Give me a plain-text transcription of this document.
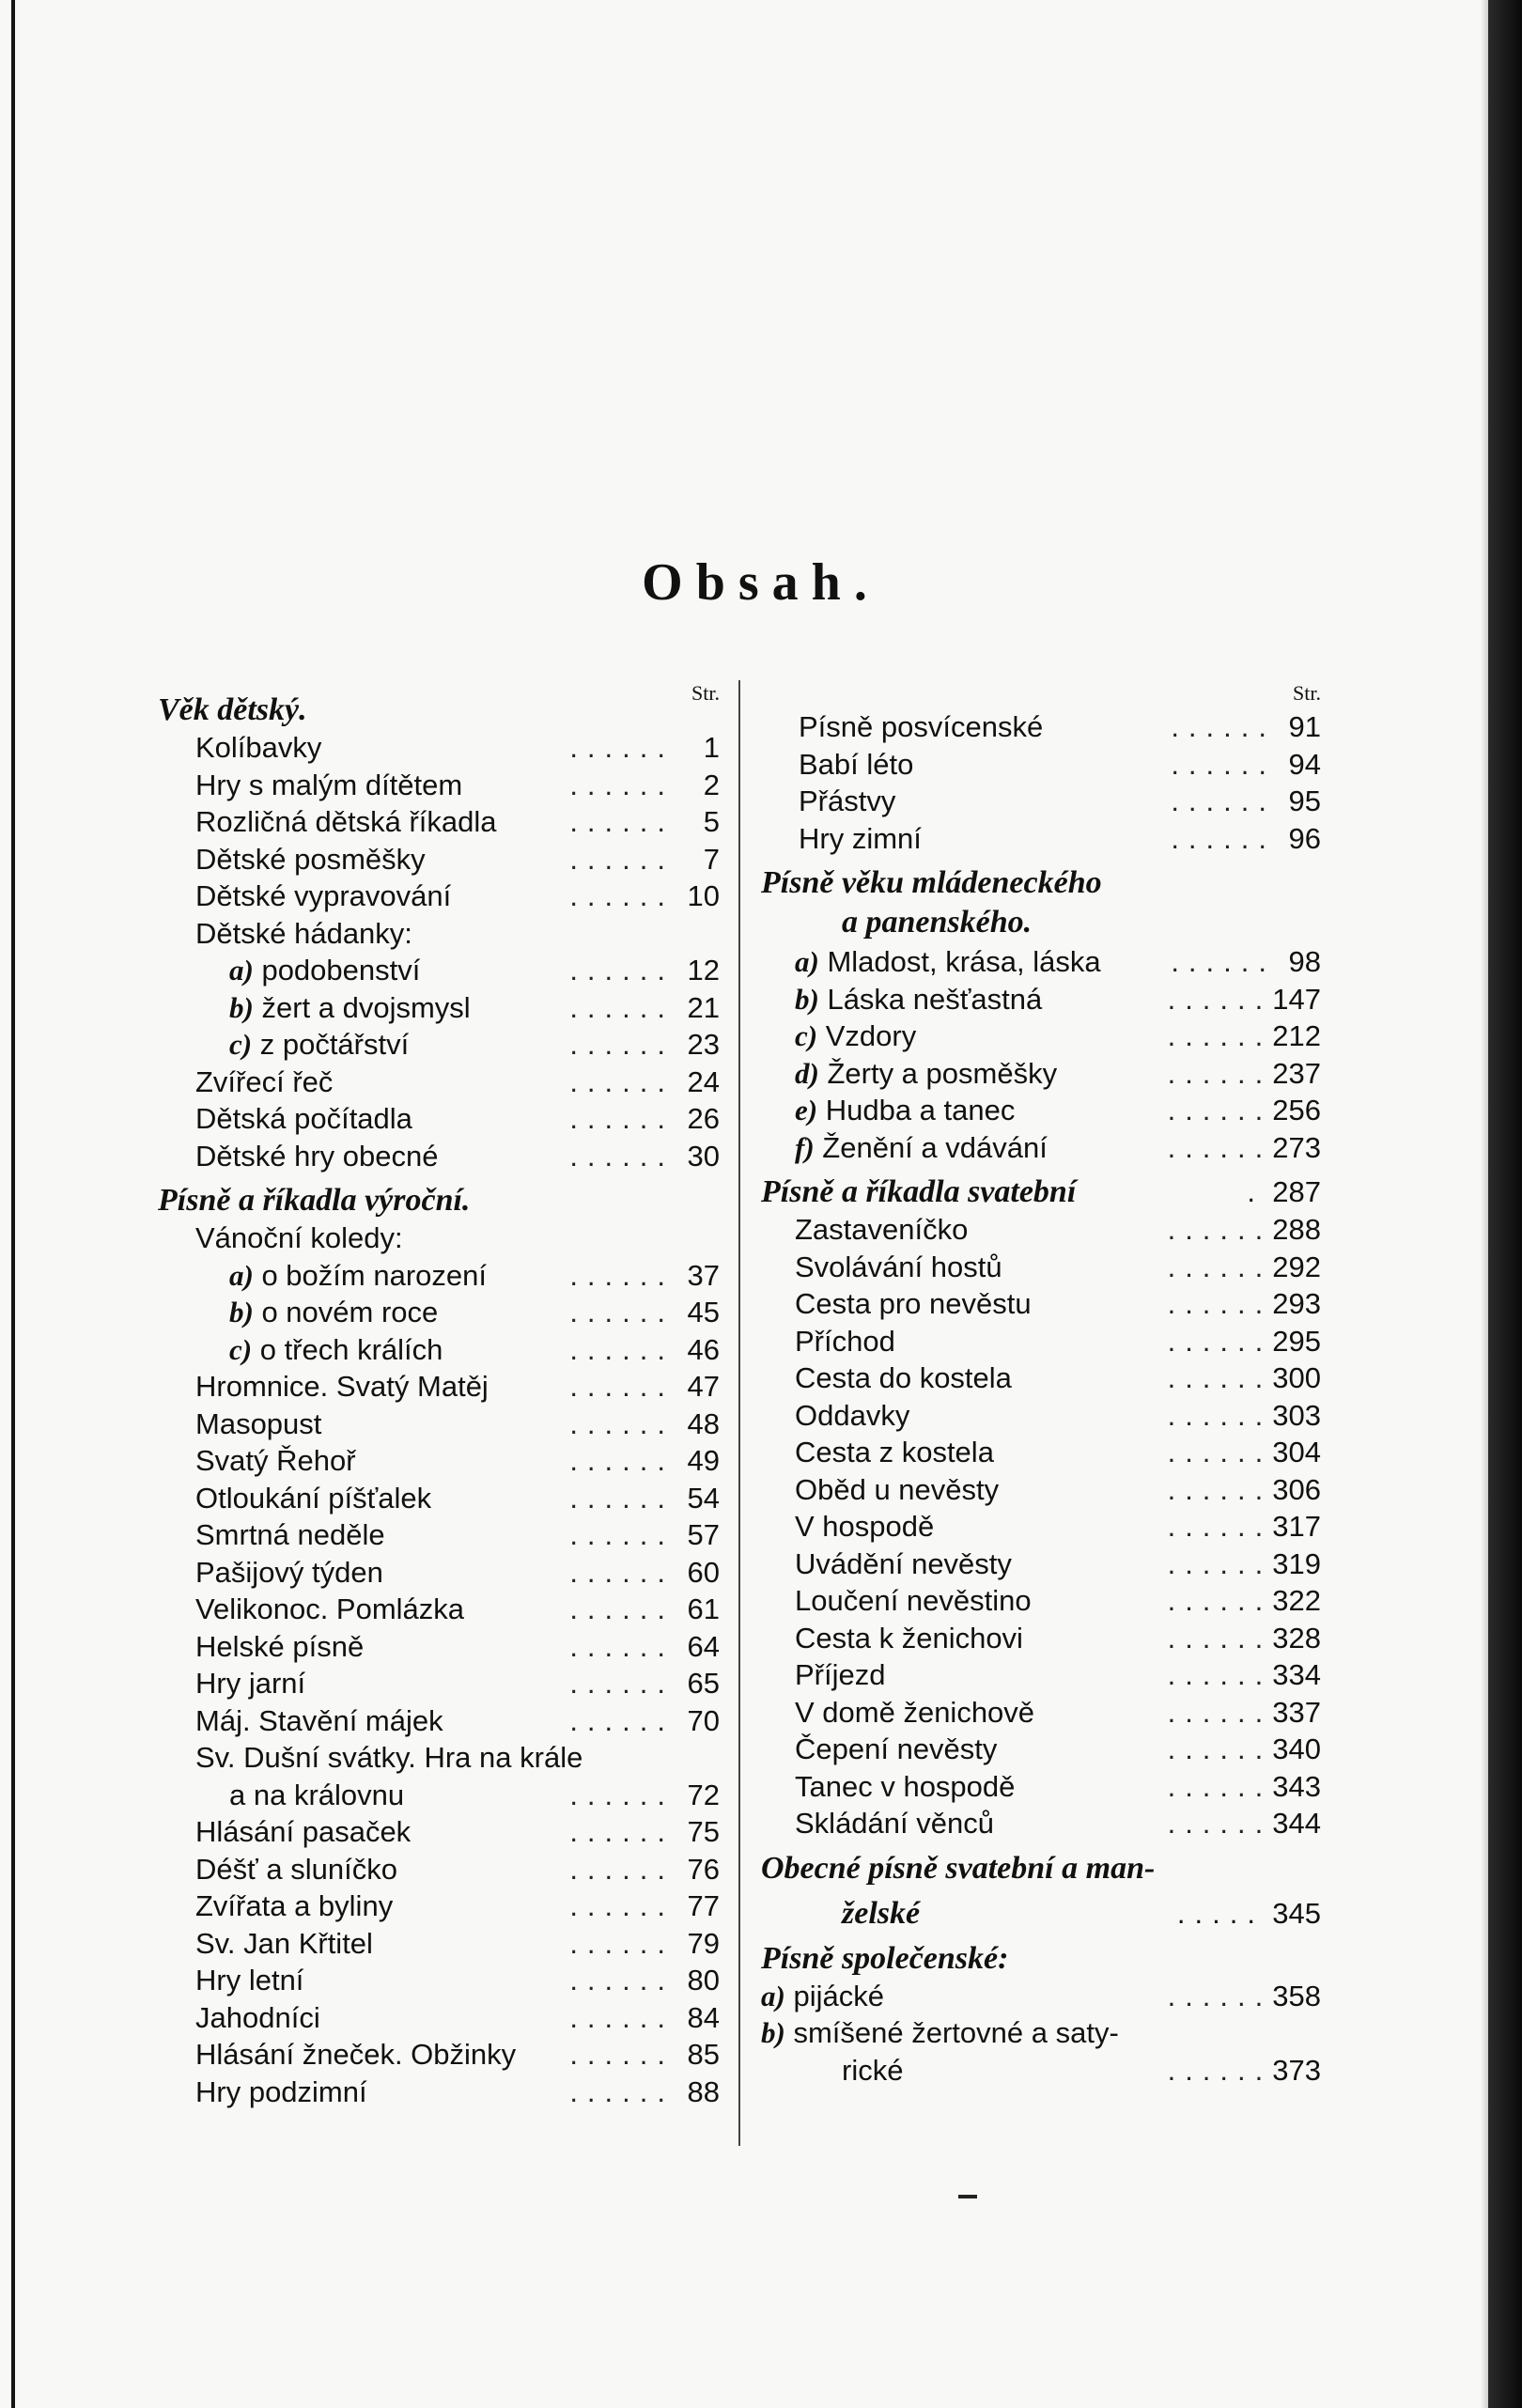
Obsah.
Str.
Věk dětský.
Kolíbavky	...... 1
Hry s malým dítětem	...... 2
Rozličná dětská říkadla	...... 5
Dětské posměšky	...... 7
Dětské vypravování	...... 10
Dětské hádanky:
a) podobenství	...... 12
b) žert a dvojsmysl	...... 21
c) z počtářství	...... 23
Zvířecí řeč	...... 24
Dětská počítadla	...... 26
Dětské hry obecné	...... 30
Písně a říkadla výroční.
Vánoční koledy:
a) o božím narození	...... 37
b) o novém roce	...... 45
c) o třech králích	...... 46
Hromnice. Svatý Matěj	...... 47
Masopust	...... 48
Svatý Řehoř	...... 49
Otloukání píšťalek	...... 54
Smrtná neděle	...... 57
Pašijový týden	...... 60
Velikonoc. Pomlázka	...... 61
Helské písně	...... 64
Hry jarní	...... 65
Máj. Stavění májek	...... 70
Sv. Dušní svátky. Hra na krále
a na královnu	...... 72
Hlásání pasaček	...... 75
Déšť a sluníčko	...... 76
Zvířata a byliny	...... 77
Sv. Jan Křtitel	...... 79
Hry letní	...... 80
Jahodníci	...... 84
Hlásání žneček. Obžinky	...... 85
Hry podzimní	...... 88
Str.
Písně posvícenské	...... 91
Babí léto	...... 94
Přástvy	...... 95
Hry zimní	...... 96
Písně věku mládeneckého
a panenského.
a) Mladost, krása, láska	...... 98
b) Láska nešťastná	...... 147
c) Vzdory	...... 212
d) Žerty a posměšky	...... 237
e) Hudba a tanec	...... 256
f) Ženění a vdávání	...... 273
Písně a říkadla svatební	. 287
Zastaveníčko	...... 288
Svolávání hostů	...... 292
Cesta pro nevěstu	...... 293
Příchod	...... 295
Cesta do kostela	...... 300
Oddavky	...... 303
Cesta z kostela	...... 304
Oběd u nevěsty	...... 306
V hospodě	...... 317
Uvádění nevěsty	...... 319
Loučení nevěstino	...... 322
Cesta k ženichovi	...... 328
Příjezd	...... 334
V domě ženichově	...... 337
Čepení nevěsty	...... 340
Tanec v hospodě	...... 343
Skládání věnců	...... 344
Obecné písně svatební a man-
želské	..... 345
Písně společenské:
a) pijácké	...... 358
b) smíšené žertovné a saty-
rické	...... 373
